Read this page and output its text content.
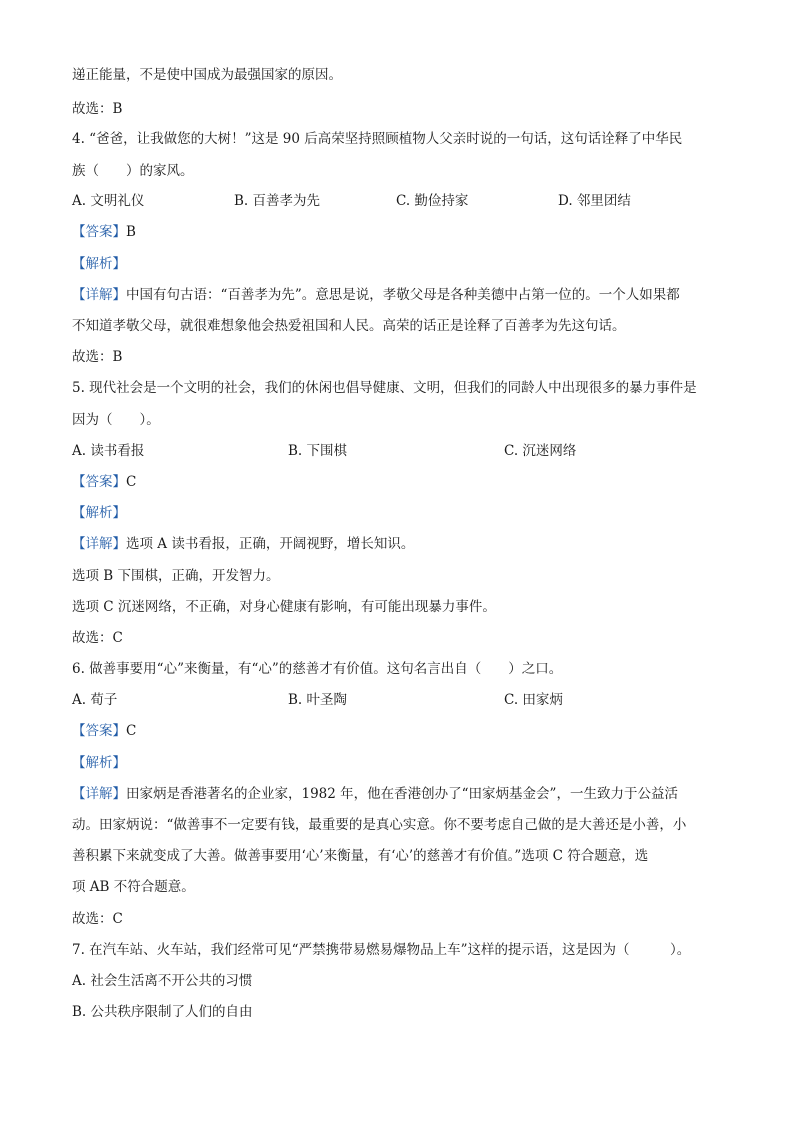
递正能量，不是使中国成为最强国家的原因。
故选：B
4. “爸爸，让我做您的大树！”这是 90 后高荣坚持照顾植物人父亲时说的一句话，这句话诠释了中华民
族（　　）的家风。
A. 文明礼仪	B. 百善孝为先	C. 勤俭持家	D. 邻里团结
【答案】B
【解析】
【详解】中国有句古语：“百善孝为先”。意思是说，孝敬父母是各种美德中占第一位的。一个人如果都
不知道孝敬父母，就很难想象他会热爱祖国和人民。高荣的话正是诠释了百善孝为先这句话。
故选：B
5. 现代社会是一个文明的社会，我们的休闲也倡导健康、文明，但我们的同龄人中出现很多的暴力事件是
因为（　　）。
A. 读书看报	B. 下围棋	C. 沉迷网络
【答案】C
【解析】
【详解】选项 A 读书看报，正确，开阔视野，增长知识。
选项 B 下围棋，正确，开发智力。
选项 C 沉迷网络，不正确，对身心健康有影响，有可能出现暴力事件。
故选：C
6. 做善事要用“心”来衡量，有“心”的慈善才有价值。这句名言出自（　　）之口。
A. 荀子	B. 叶圣陶	C. 田家炳
【答案】C
【解析】
【详解】田家炳是香港著名的企业家，1982 年，他在香港创办了“田家炳基金会”，一生致力于公益活
动。田家炳说：“做善事不一定要有钱，最重要的是真心实意。你不要考虑自己做的是大善还是小善，小
善积累下来就变成了大善。做善事要用‘心’来衡量，有‘心’的慈善才有价值。”选项 C 符合题意，选
项 AB 不符合题意。
故选：C
7. 在汽车站、火车站，我们经常可见“严禁携带易燃易爆物品上车”这样的提示语，这是因为（　　　）。
A. 社会生活离不开公共的习惯
B. 公共秩序限制了人们的自由
